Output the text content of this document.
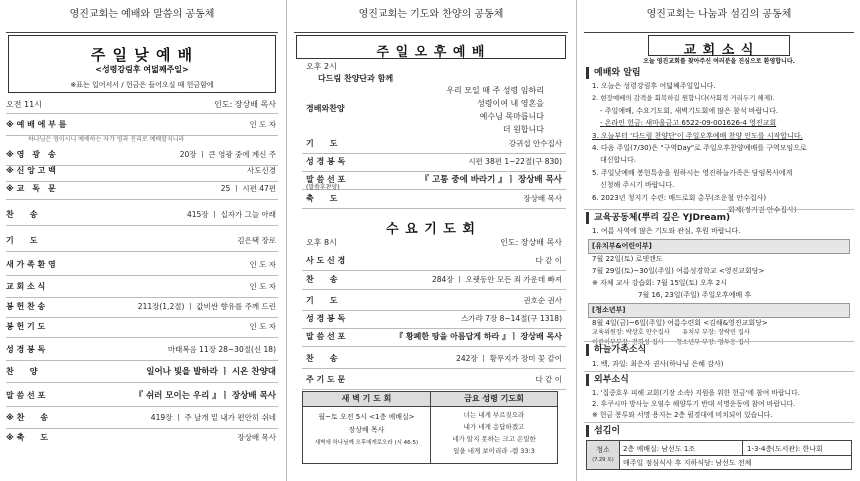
영진교회는 예배와 말씀의 공동체
주 일 낮 예 배
<성령강림후 여덟째주일>
※표는 일어서서 / 헌금은 들어오실 때 헌금함에
오전 11시	인도: 장상배 목사
※ 예 배 에 부 름	인 도 자
하나님은 영이시니 예배하는 자가 영과 진리로 예배할지니라
※ 영　광　송	20장 ㅣ 큰 영광 중에 계신 주
※ 신 앙 고 백	사도신경
※ 교　독　문	25 ㅣ 시편 47편
찬　　송	415장 ㅣ 십자가 그늘 아래
기　　도	김은택 장로
새 가 족 환 영	인 도 자
교 회 소 식	인 도 자
봉 헌 찬 송	211장(1,2절) ㅣ 값비싼 향유를 주께 드린
봉 헌 기 도	인 도 자
성 경 봉 독	마태복음 11장 28~30절(신 18)
찬　　양	일어나 빛을 발하라 ㅣ 시온 찬양대
말 씀 선 포	『 쉬러 모이는 우리 』ㅣ 장상배 목사
※ 찬　　송	419장 ㅣ 주 날개 밑 내가 편안히 쉬네
※ 축　　도	장상배 목사
영진교회는 기도와 찬양의 공동체
주 일 오 후 예 배
오후 2시
다드림 찬양단과 함께
경배와찬양
우리 모일 때 주 성령 임하리
성령이여 내 영혼을
예수님 목마릅니다
더 원합니다
기　　도	강귀섭 안수집사
성 경 봉 독	시편 38편 1~22절(구 830)
말 씀 선 포	『 고통 중에 바라기 』ㅣ 장상배 목사
축　　도	장상배 목사
(말씀후찬양)
수 요 기 도 회
오후 8시	인도: 장상배 목사
사 도 신 경	다 같 이
찬　　송	284장 ㅣ 오랫동안 모든 죄 가운데 빠져
기　　도	권호순 권사
성 경 봉 독	스가랴 7장 8~14절(구 1318)
말 씀 선 포	『 황폐한 땅을 아름답게 하라 』ㅣ 장상배 목사
찬　　송	242장 ㅣ 황무지가 장미 꽃 같이
주 기 도 문	다 같 이
새 벽 기 도 회	금요 성령 기도회
월~토 오전 5시 <1층 예배실>
장상배 목사
새벽에 하나님께 오후에게로오라 (시 46:5)
너는 내게 부르짖으라
내가 네게 응답하겠고
네가 알지 못하는 크고 은밀한
일을 네게 보이리라 -렘 33:3
영진교회는 나눔과 섬김의 공동체
교 회 소 식
오늘 영진교회를 찾아주신 여러분을 진심으로 환영합니다.
예배와 알림
1. 오늘은 성령강림후 여덟째주일입니다.
2. 현장예배의 감격을 회복하길 원합니다(사회적 거리두기 해제).
- 주일예배, 수요기도회, 새벽기도회에 많은 참석 바랍니다.
- 온라인 헌금: 새마을금고 6522-09-001626-4 영진교회
3. 오늘부터 '다드림 찬양단'이 주일오후예배 찬양 인도를 시작합니다.
4. 다음 주일(7/30)은 "구역Day"로 주일오후찬양예배를 구역모임으로
대신합니다.
5. 주일낮예배 봉헌특송을 원하시는 영진하늘가족은 담임목사에게
신청해 주시기 바랍니다.
6. 2023년 청지기 수련: 배드로회 총무(조운철 안수집사)
회계(정기권 안수집사)
교육공동체(뿌리 깊은 YJDream)
1. 여름 사역에 많은 기도와 관심, 후원 바랍니다.
[유치부&어린이부]
7월 22일(토) 로뎃캔도
7월 29일(토)~30일(주일) 여름성경학교 <영진교회당>
※ 자체 교사 강습회: 7월 15일(토) 오후 2시
7월 16, 23일(주일) 주일오후예배 후
[청소년부]
8월 4일(금)~6일(주일) 여름수련회 <김해&영진교회당>
교육위원장: 박상호 안수집사　　유치부 부장: 장락민 집사
어린이부부장: 전희성 집사　　청소년부 부장: 엄두용 집사
하늘가족소식
1. 백, 과일: 최은자 권사(하나님 은혜 감사)
외부소식
1. '집중호우 피해 교회(기장 소속) 지원을 위한 헌금'에 참여 바랍니다.
2. 후쿠시마 방사능 오염수 해양투기 반대 서명운동에 참여 바랍니다.
※ 헌금 봉투와 서명 용지는 2층 펄경대에 비치되어 있습니다.
섬김이
청소
(7.29 토)
2층 예배실: 남선도 1조	1-3-4층(도서관): 한나회
매주일 점심식사 후 지하식당: 남선도 전체
